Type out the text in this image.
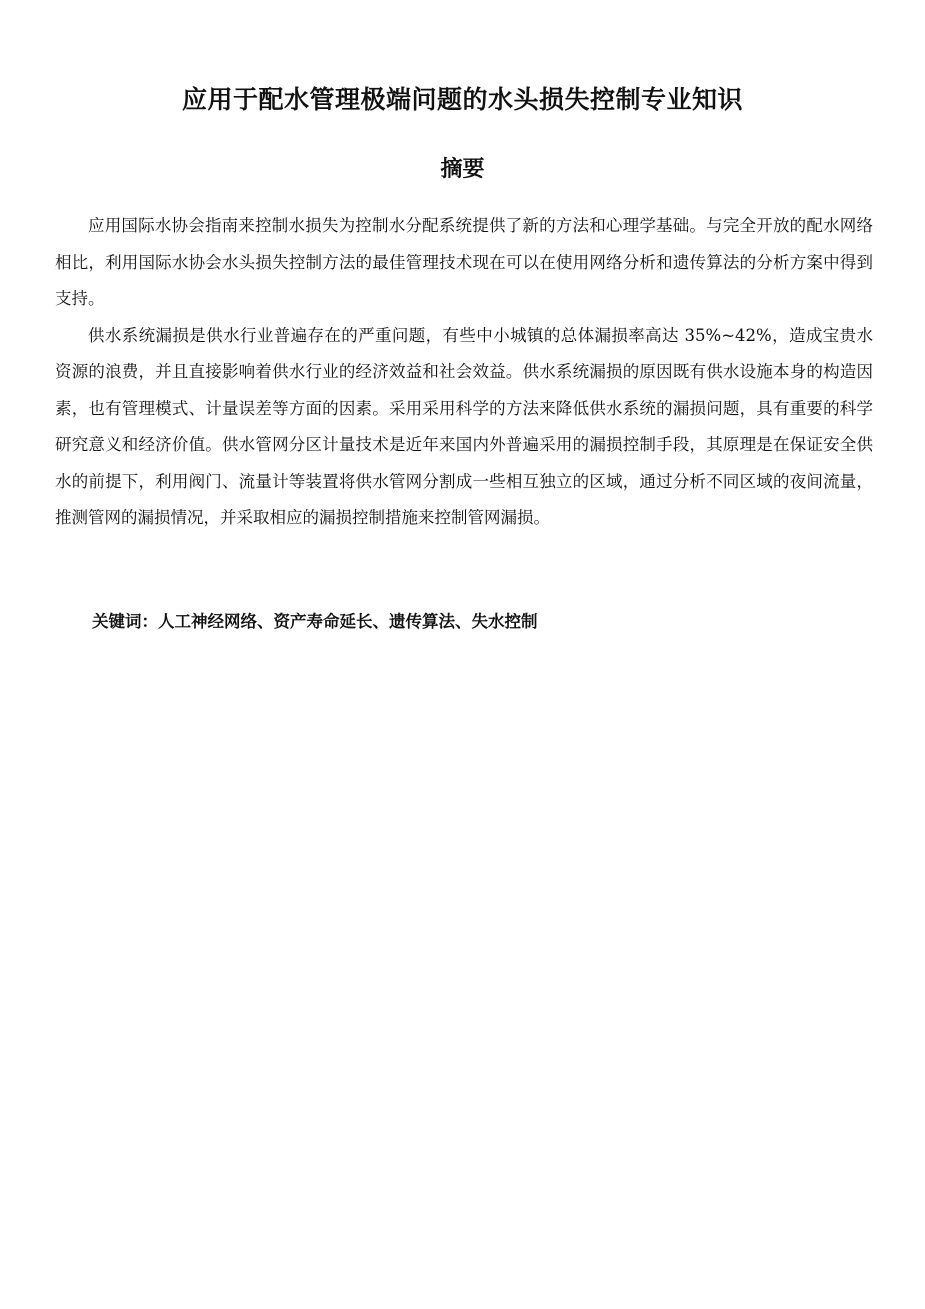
应用于配水管理极端问题的水头损失控制专业知识
摘要

应用国际水协会指南来控制水损失为控制水分配系统提供了新的方法和心理学基础。与完全开放的配水网络相比，利用国际水协会水头损失控制方法的最佳管理技术现在可以在使用网络分析和遗传算法的分析方案中得到支持。

供水系统漏损是供水行业普遍存在的严重问题，有些中小城镇的总体漏损率高达 35%~42%，造成宝贵水资源的浪费，并且直接影响着供水行业的经济效益和社会效益。供水系统漏损的原因既有供水设施本身的构造因素，也有管理模式、计量误差等方面的因素。采用采用科学的方法来降低供水系统的漏损问题，具有重要的科学研究意义和经济价值。供水管网分区计量技术是近年来国内外普遍采用的漏损控制手段，其原理是在保证安全供水的前提下，利用阀门、流量计等装置将供水管网分割成一些相互独立的区域，通过分析不同区域的夜间流量，推测管网的漏损情况，并采取相应的漏损控制措施来控制管网漏损。

关键词：人工神经网络、资产寿命延长、遗传算法、失水控制
